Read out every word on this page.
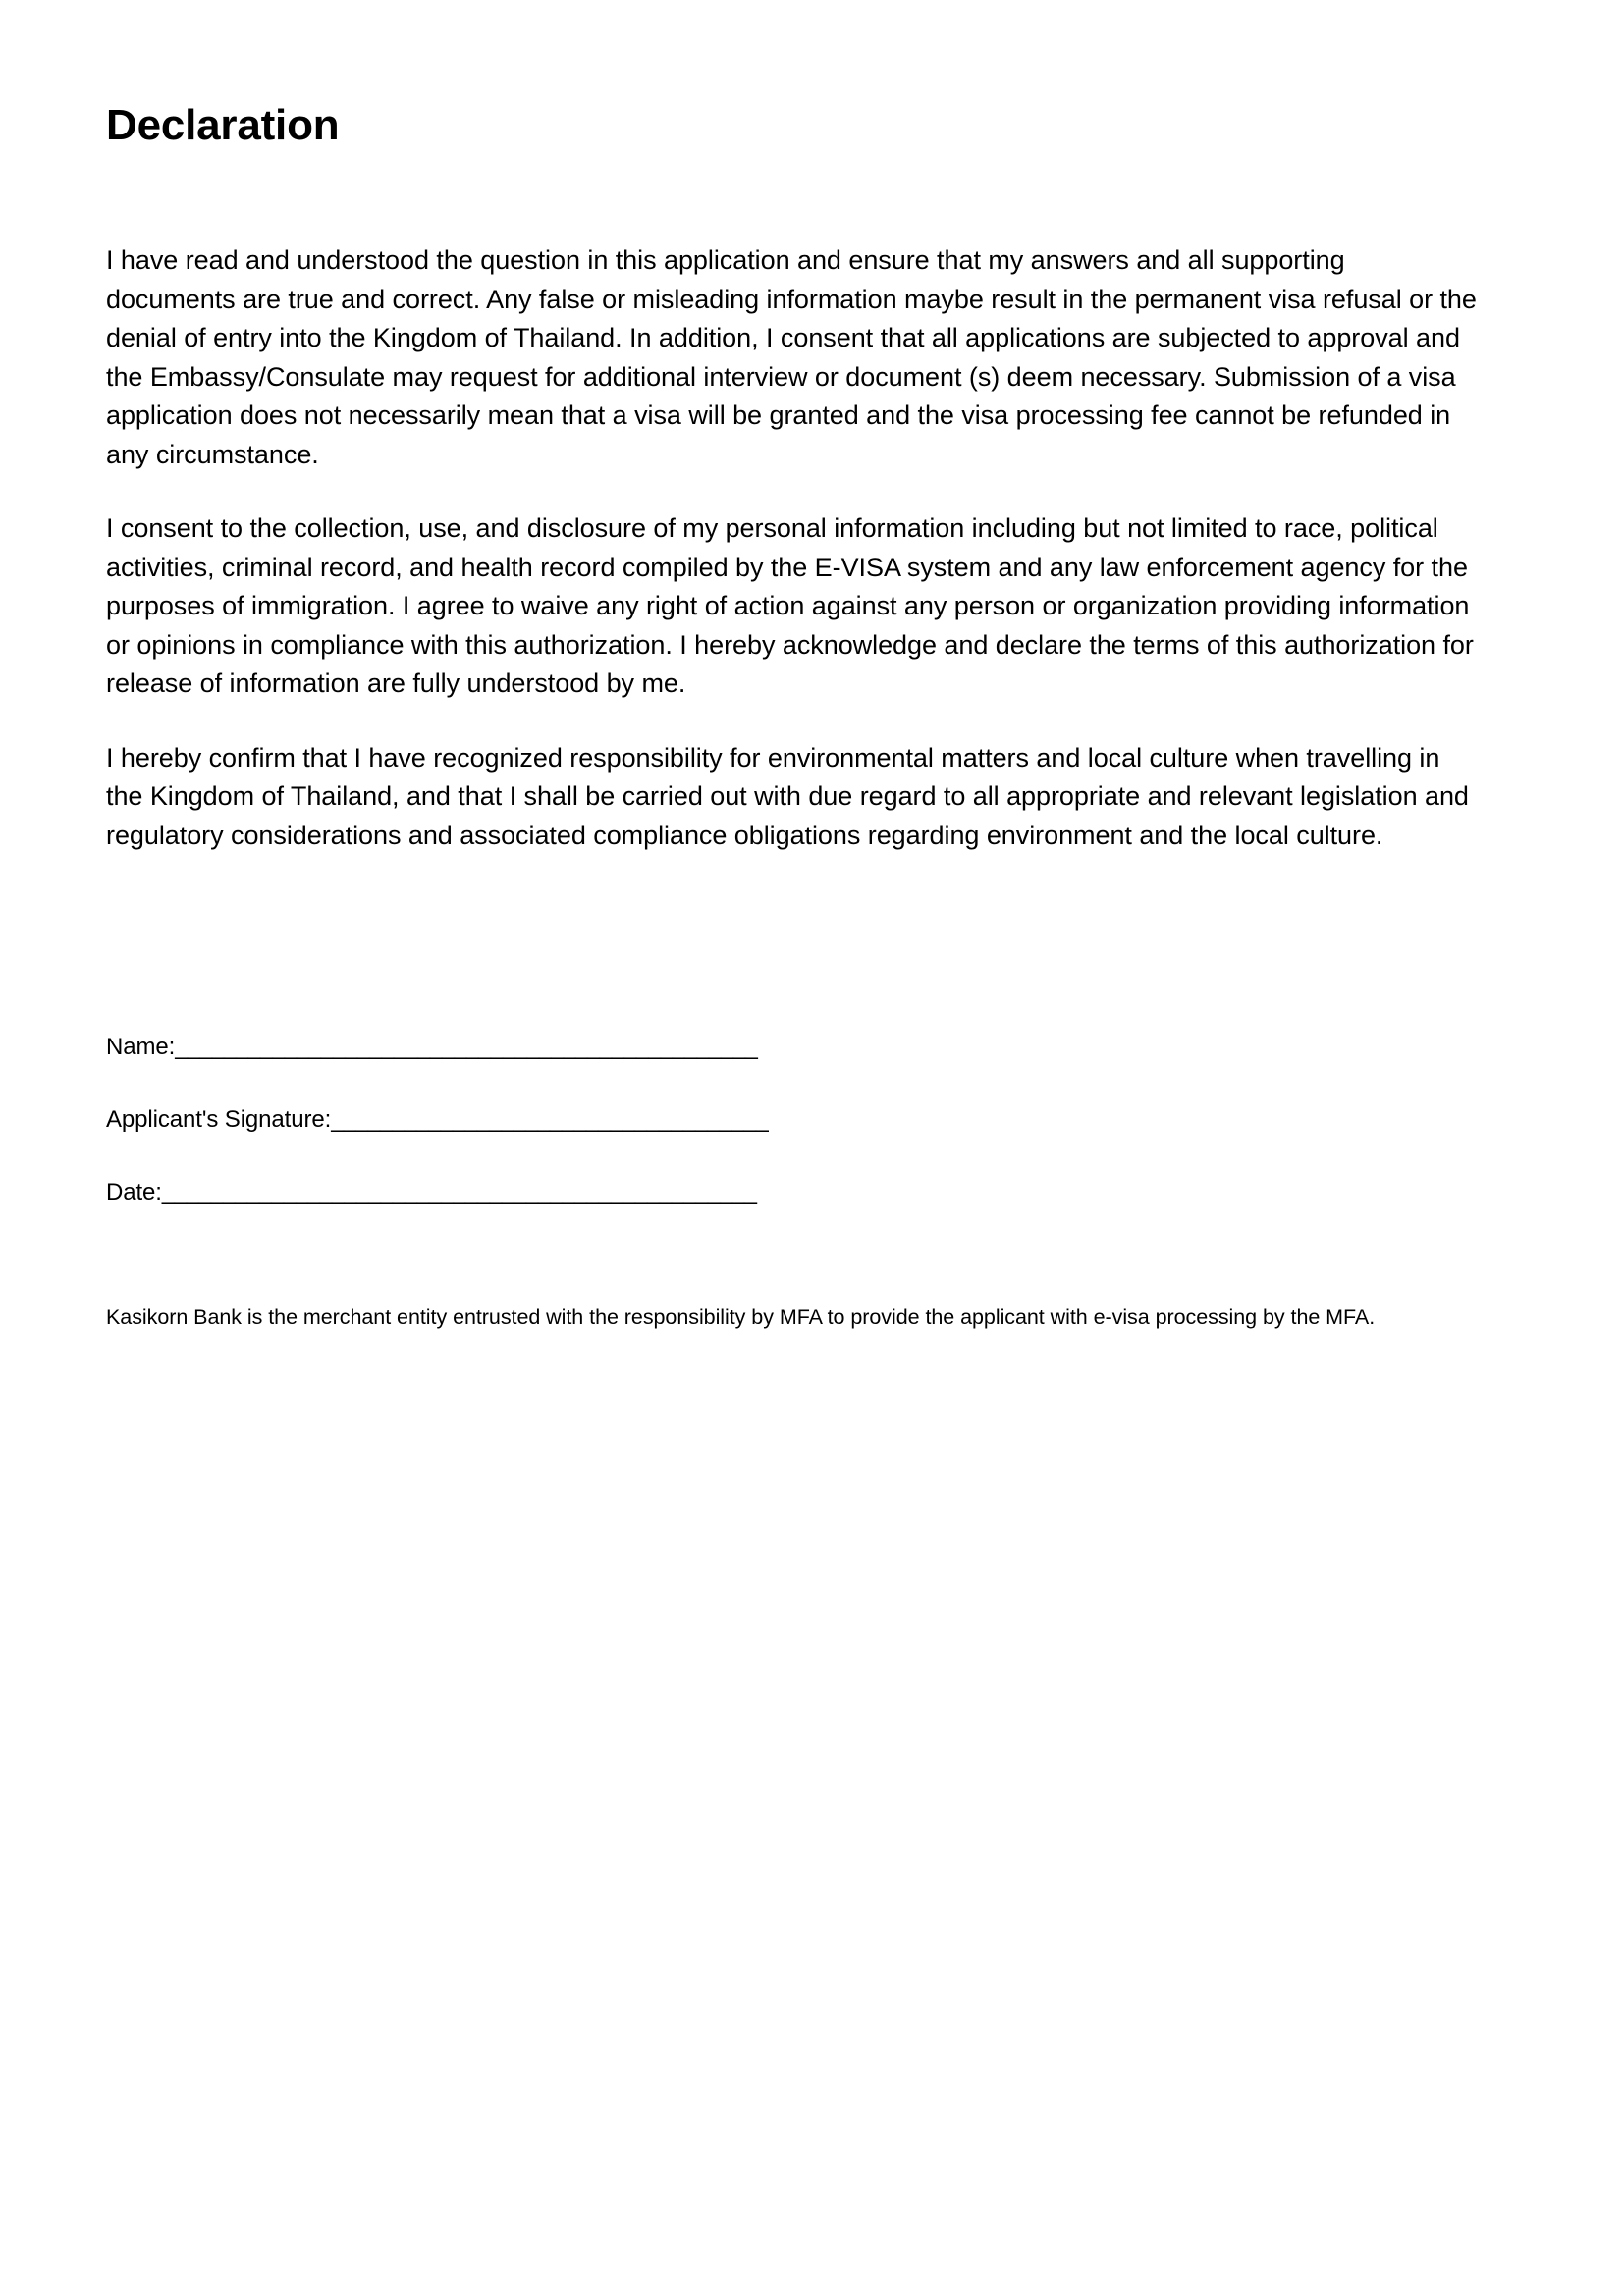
Declaration

I have read and understood the question in this application and ensure that my answers and all supporting documents are true and correct. Any false or misleading information maybe result in the permanent visa refusal or the denial of entry into the Kingdom of Thailand. In addition, I consent that all applications are subjected to approval and the Embassy/Consulate may request for additional interview or document (s) deem necessary. Submission of a visa application does not necessarily mean that a visa will be granted and the visa processing fee cannot be refunded in any circumstance.

I consent to the collection, use, and disclosure of my personal information including but not limited to race, political activities, criminal record, and health record compiled by the E-VISA system and any law enforcement agency for the purposes of immigration. I agree to waive any right of action against any person or organization providing information or opinions in compliance with this authorization. I hereby acknowledge and declare the terms of this authorization for release of information are fully understood by me.

I hereby confirm that I have recognized responsibility for environmental matters and local culture when travelling in the Kingdom of Thailand, and that I shall be carried out with due regard to all appropriate and relevant legislation and regulatory considerations and associated compliance obligations regarding environment and the local culture.

Name:________________________________________________
Applicant's Signature:____________________________________
Date:_________________________________________________

Kasikorn Bank is the merchant entity entrusted with the responsibility by MFA to provide the applicant with e-visa processing by the MFA.
